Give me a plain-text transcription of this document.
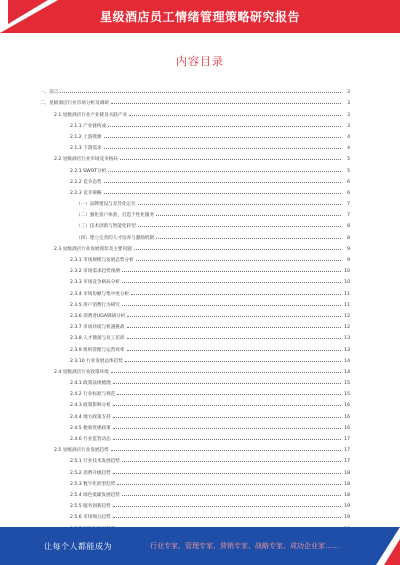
星级酒店员工情绪管理策略研究报告
内容目录
一、前言	3
二、星级酒店行业市场分析及调研	3
2.1 星级酒店行业产业链及关联产业	3
2.1.1 产业链构成	3
2.1.2 上游资源	4
2.1.3 下游需求	4
2.2 星级酒店行业市场竞争格局	5
2.2.1 SWOT分析	5
2.2.2 竞争态势	6
2.2.3 竞争策略	6
（一）品牌建设与差异化定位	7
（二）强化客户体验，打造个性化服务	7
（三）技术创新与智能化转型	8
（四）建立完善的人才培养与激励机制	8
2.3 星级酒店行业发展现状及主要问题	9
2.3.1 市场规模与发展态势分析	9
2.3.2 市场需求趋势预测	10
2.3.3 市场竞争格局分析	10
2.3.4 市场份额与集中度分析	11
2.3.5 用户消费行为研究	11
2.3.6 消费者UGA调研分析	12
2.3.7 市场环境与机遇挑战	12
2.3.8 人才储备与员工培训	13
2.3.9 组织管理与运营效率	13
2.3.10 行业发展总体趋势	14
2.4 星级酒店行业政策环境	14
2.4.1 政策法规梳理	15
2.4.2 行业标准与规范	15
2.4.3 政策影响分析	16
2.4.4 地方政策支持	16
2.4.5 税收优惠政策	16
2.4.6 行业监管动态	17
2.5 星级酒店行业发展趋势	17
2.5.1 行业技术发展趋势	17
2.5.2 消费升级趋势	18
2.5.3 数字化转型趋势	18
2.5.4 绿色低碳发展趋势	18
2.5.5 服务创新趋势	19
2.5.6 市场细分趋势	19
让每个人都能成为	行业专家、管理专家、营销专家、战略专家、成功企业家……
